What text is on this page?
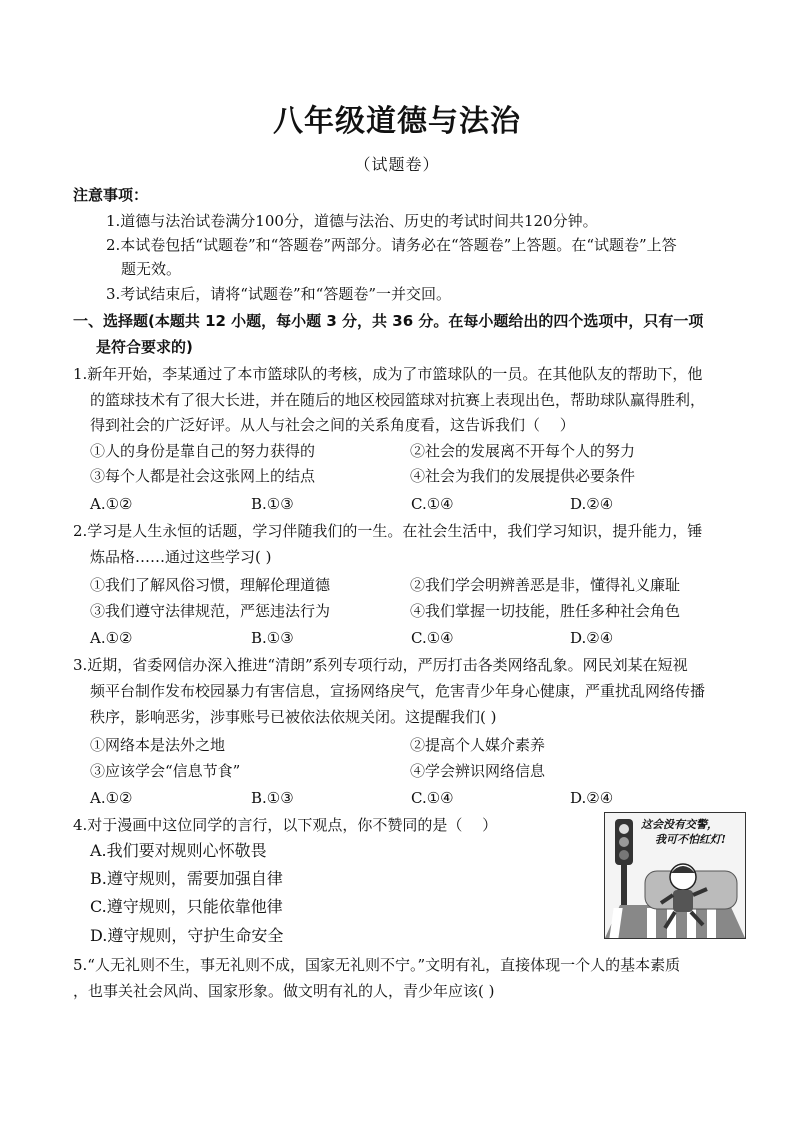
八年级道德与法治
（试题卷）
注意事项：
1.道德与法治试卷满分100分，道德与法治、历史的考试时间共120分钟。
2.本试卷包括“试题卷”和“答题卷”两部分。请务必在“答题卷”上答题。在“试题卷”上答
题无效。
3.考试结束后，请将“试题卷”和“答题卷”一并交回。
一、选择题(本题共 12 小题，每小题 3 分，共 36 分。在每小题给出的四个选项中，只有一项
是符合要求的)
1.新年开始，李某通过了本市篮球队的考核，成为了市篮球队的一员。在其他队友的帮助下，他
的篮球技术有了很大长进，并在随后的地区校园篮球对抗赛上表现出色，帮助球队赢得胜利，
得到社会的广泛好评。从人与社会之间的关系角度看，这告诉我们（　 ）
①人的身份是靠自己的努力获得的	②社会的发展离不开每个人的努力
③每个人都是社会这张网上的结点	④社会为我们的发展提供必要条件
A.①②	B.①③	C.①④	D.②④
2.学习是人生永恒的话题，学习伴随我们的一生。在社会生活中，我们学习知识，提升能力，锤
炼品格……通过这些学习( )
①我们了解风俗习惯，理解伦理道德	②我们学会明辨善恶是非，懂得礼义廉耻
③我们遵守法律规范，严惩违法行为	④我们掌握一切技能，胜任多种社会角色
A.①②	B.①③	C.①④	D.②④
3.近期，省委网信办深入推进“清朗”系列专项行动，严厉打击各类网络乱象。网民刘某在短视
频平台制作发布校园暴力有害信息，宣扬网络戾气，危害青少年身心健康，严重扰乱网络传播
秩序，影响恶劣，涉事账号已被依法依规关闭。这提醒我们( )
①网络本是法外之地	②提高个人媒介素养
③应该学会“信息节食”	④学会辨识网络信息
A.①②	B.①③	C.①④	D.②④
4.对于漫画中这位同学的言行，以下观点，你不赞同的是（　 ）
A.我们要对规则心怀敬畏
B.遵守规则，需要加强自律
C.遵守规则，只能依靠他律
D.遵守规则，守护生命安全
这会没有交警，
我可不怕红灯!
5.“人无礼则不生，事无礼则不成，国家无礼则不宁。”文明有礼，直接体现一个人的基本素质
，也事关社会风尚、国家形象。做文明有礼的人，青少年应该( )
